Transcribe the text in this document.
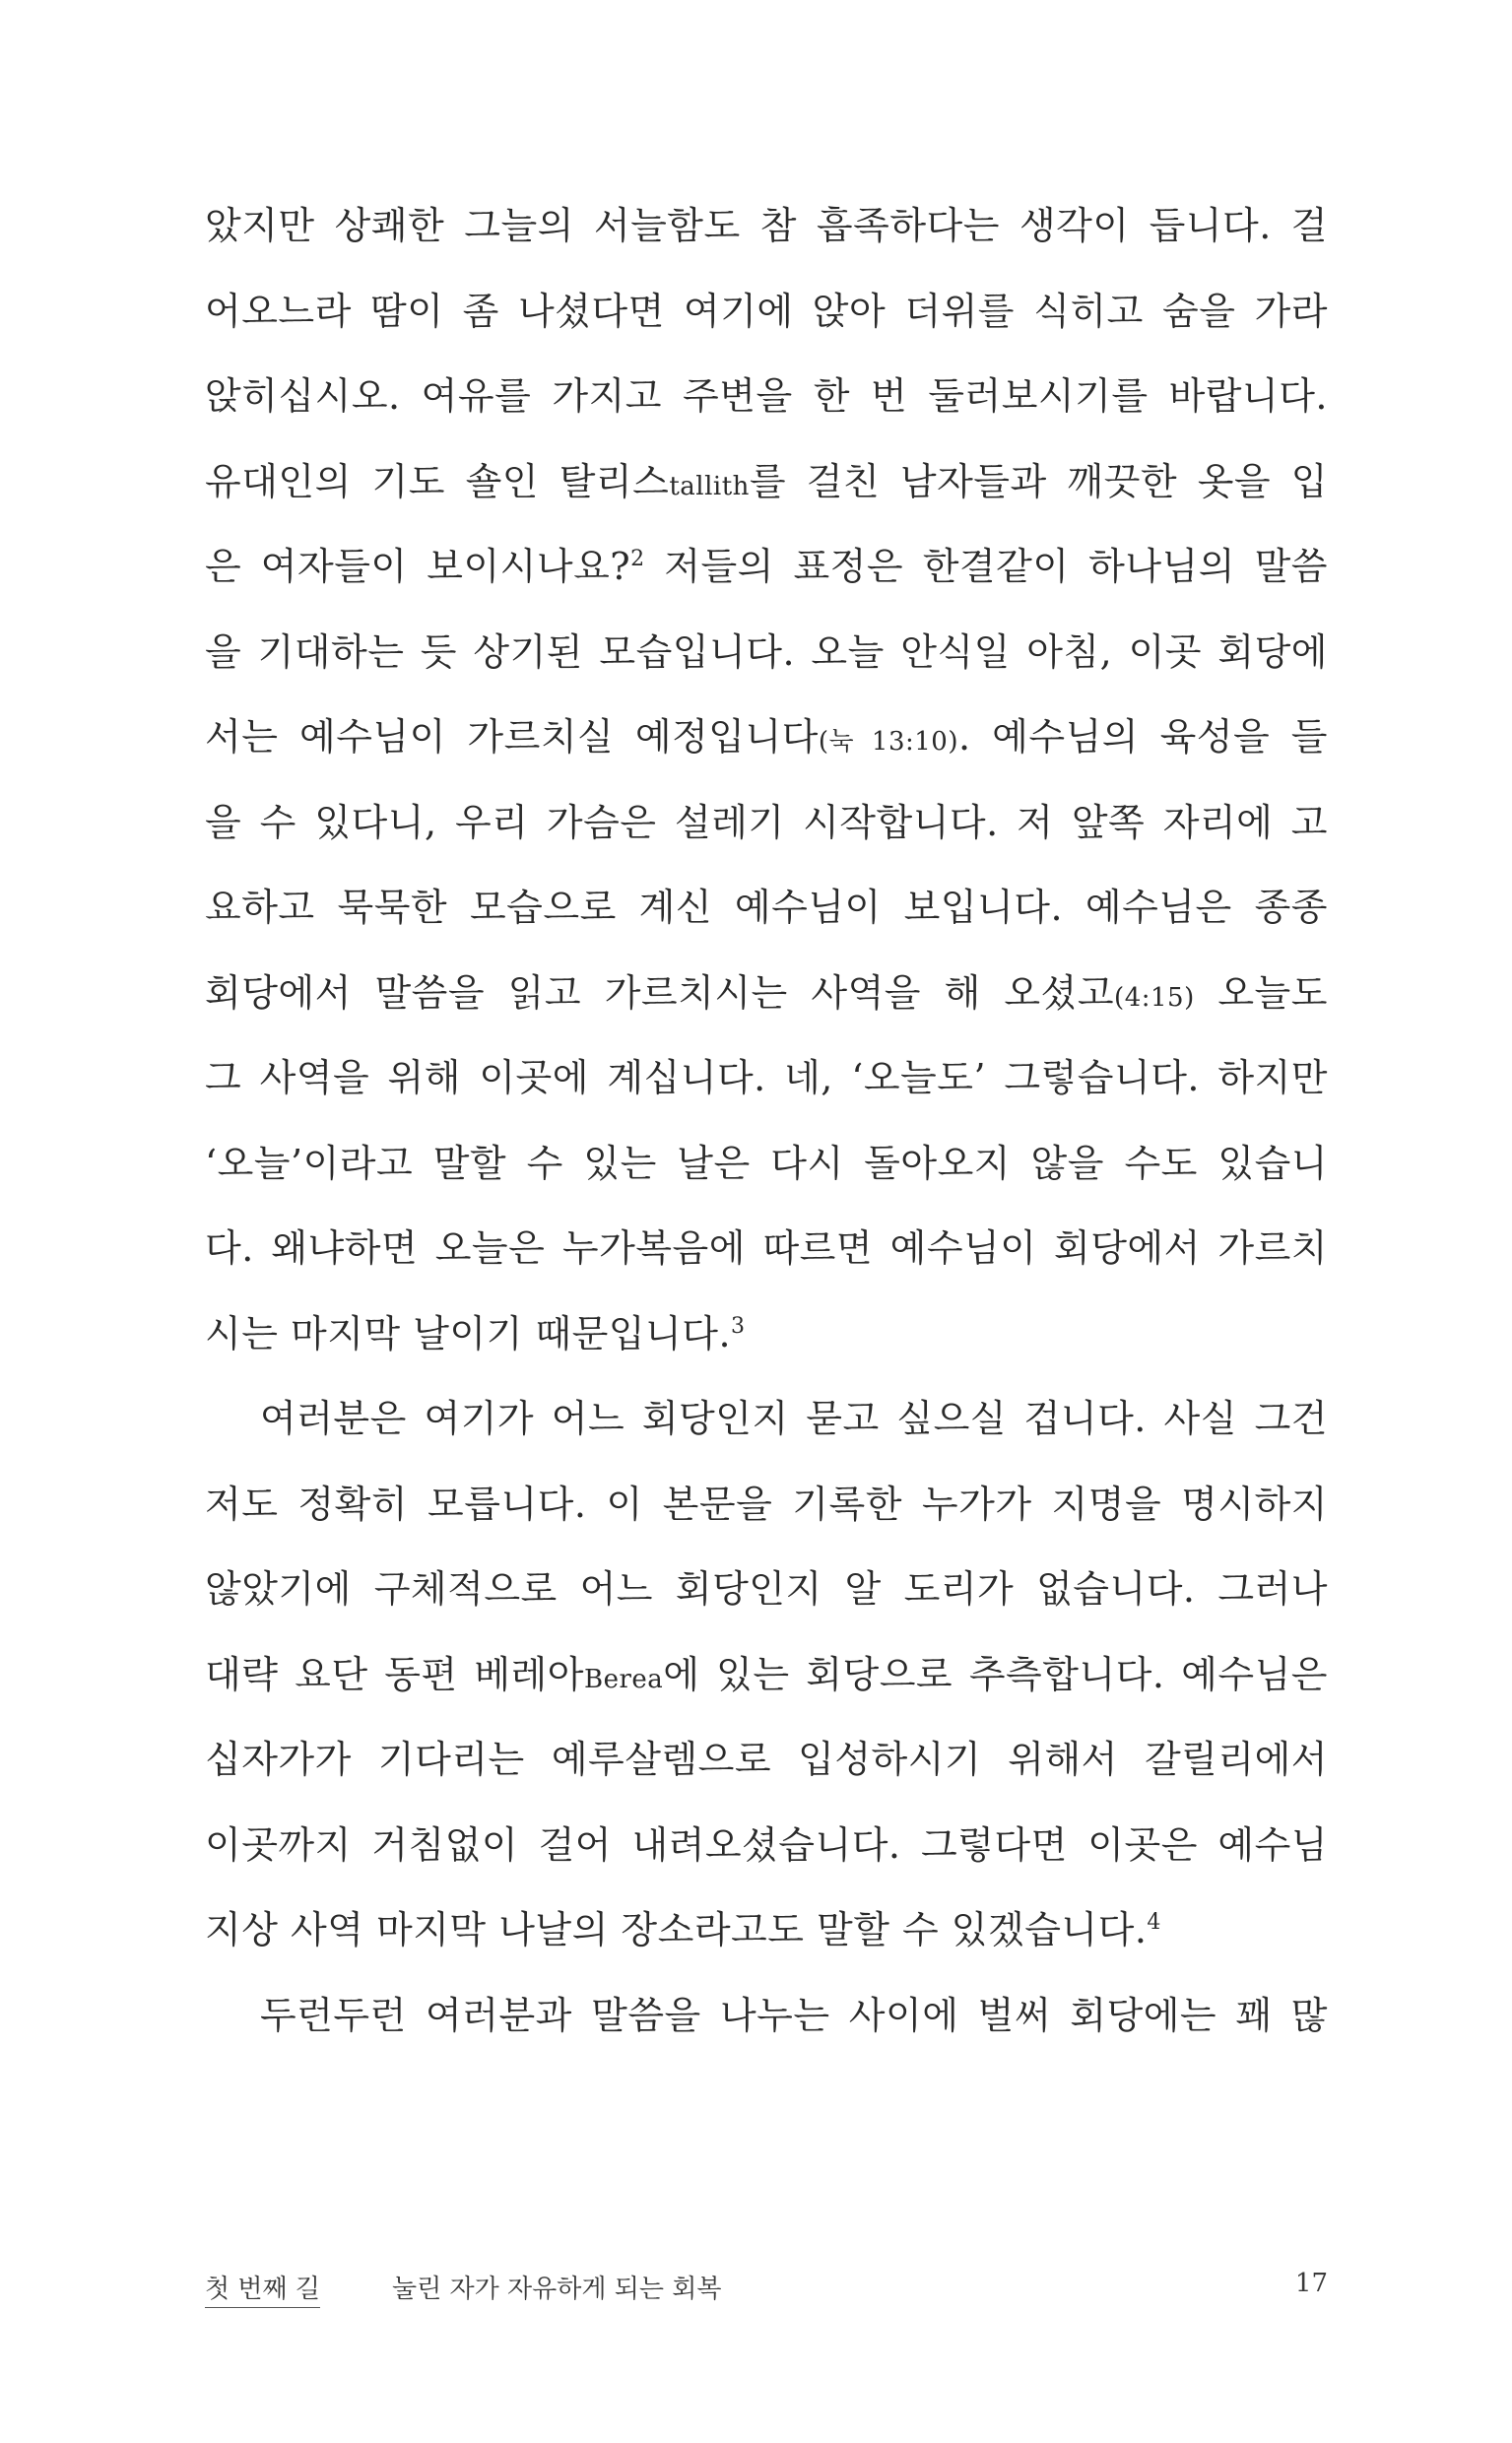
았지만 상쾌한 그늘의 서늘함도 참 흡족하다는 생각이 듭니다. 걸
어오느라 땀이 좀 나셨다면 여기에 앉아 더위를 식히고 숨을 가라
앉히십시오. 여유를 가지고 주변을 한 번 둘러보시기를 바랍니다.
유대인의 기도 숄인 탈리스tallith를 걸친 남자들과 깨끗한 옷을 입
은 여자들이 보이시나요?$^2$ 저들의 표정은 한결같이 하나님의 말씀
을 기대하는 듯 상기된 모습입니다. 오늘 안식일 아침, 이곳 회당에
서는 예수님이 가르치실 예정입니다(눅 13:10). 예수님의 육성을 들
을 수 있다니, 우리 가슴은 설레기 시작합니다. 저 앞쪽 자리에 고
요하고 묵묵한 모습으로 계신 예수님이 보입니다. 예수님은 종종
회당에서 말씀을 읽고 가르치시는 사역을 해 오셨고(4:15) 오늘도
그 사역을 위해 이곳에 계십니다. 네, ‘오늘도’ 그렇습니다. 하지만
‘오늘’이라고 말할 수 있는 날은 다시 돌아오지 않을 수도 있습니
다. 왜냐하면 오늘은 누가복음에 따르면 예수님이 회당에서 가르치
시는 마지막 날이기 때문입니다.$^3$
여러분은 여기가 어느 회당인지 묻고 싶으실 겁니다. 사실 그건
저도 정확히 모릅니다. 이 본문을 기록한 누가가 지명을 명시하지
않았기에 구체적으로 어느 회당인지 알 도리가 없습니다. 그러나
대략 요단 동편 베레아Berea에 있는 회당으로 추측합니다. 예수님은
십자가가 기다리는 예루살렘으로 입성하시기 위해서 갈릴리에서
이곳까지 거침없이 걸어 내려오셨습니다. 그렇다면 이곳은 예수님
지상 사역 마지막 나날의 장소라고도 말할 수 있겠습니다.$^4$
두런두런 여러분과 말씀을 나누는 사이에 벌써 회당에는 꽤 많
첫 번째 길	눌린 자가 자유하게 되는 회복	17
